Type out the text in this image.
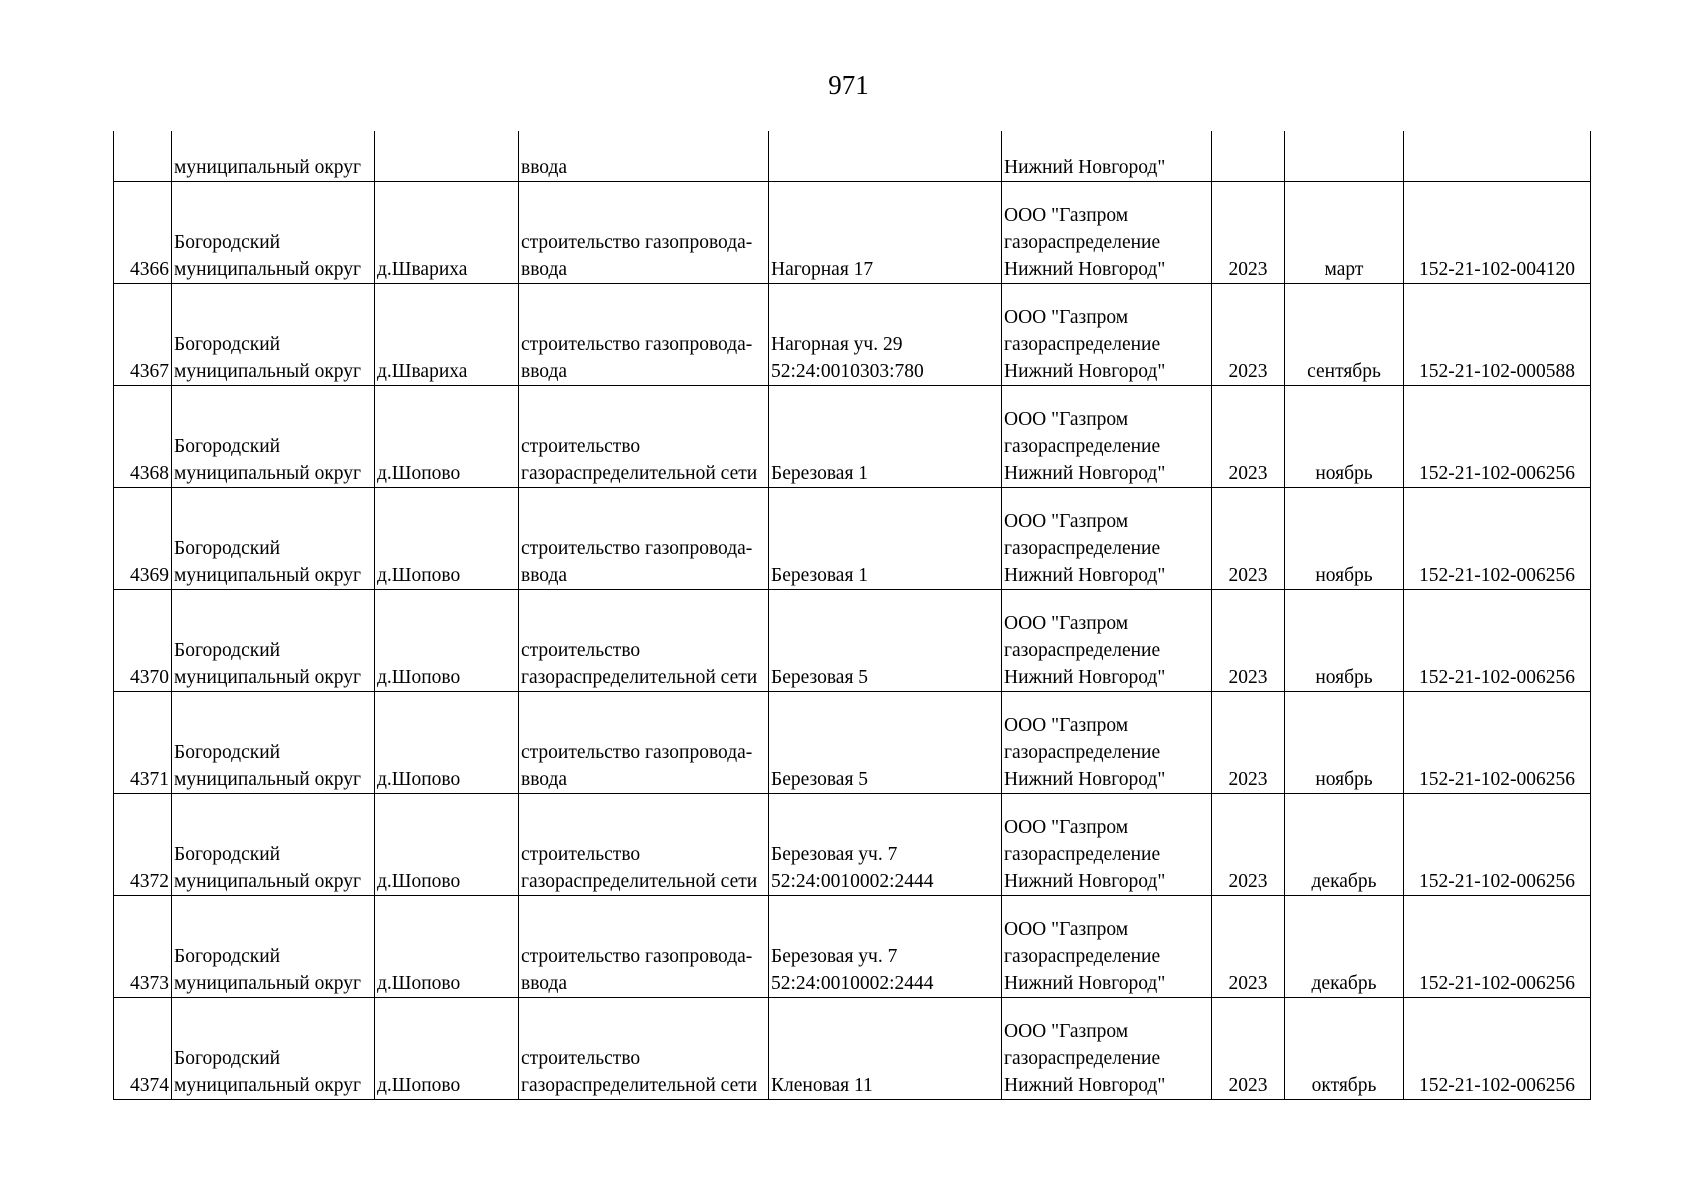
971
	муниципальный округ		ввода		Нижний Новгород"			
4366	Богородский
муниципальный округ	д.Швариха	строительство газопровода-
ввода	Нагорная 17	ООО "Газпром
газораспределение
Нижний Новгород"	2023	март	152-21-102-004120
4367	Богородский
муниципальный округ	д.Швариха	строительство газопровода-
ввода	Нагорная уч. 29
52:24:0010303:780	ООО "Газпром
газораспределение
Нижний Новгород"	2023	сентябрь	152-21-102-000588
4368	Богородский
муниципальный округ	д.Шопово	строительство
газораспределительной сети	Березовая 1	ООО "Газпром
газораспределение
Нижний Новгород"	2023	ноябрь	152-21-102-006256
4369	Богородский
муниципальный округ	д.Шопово	строительство газопровода-
ввода	Березовая 1	ООО "Газпром
газораспределение
Нижний Новгород"	2023	ноябрь	152-21-102-006256
4370	Богородский
муниципальный округ	д.Шопово	строительство
газораспределительной сети	Березовая 5	ООО "Газпром
газораспределение
Нижний Новгород"	2023	ноябрь	152-21-102-006256
4371	Богородский
муниципальный округ	д.Шопово	строительство газопровода-
ввода	Березовая 5	ООО "Газпром
газораспределение
Нижний Новгород"	2023	ноябрь	152-21-102-006256
4372	Богородский
муниципальный округ	д.Шопово	строительство
газораспределительной сети	Березовая уч. 7
52:24:0010002:2444	ООО "Газпром
газораспределение
Нижний Новгород"	2023	декабрь	152-21-102-006256
4373	Богородский
муниципальный округ	д.Шопово	строительство газопровода-
ввода	Березовая уч. 7
52:24:0010002:2444	ООО "Газпром
газораспределение
Нижний Новгород"	2023	декабрь	152-21-102-006256
4374	Богородский
муниципальный округ	д.Шопово	строительство
газораспределительной сети	Кленовая 11	ООО "Газпром
газораспределение
Нижний Новгород"	2023	октябрь	152-21-102-006256
